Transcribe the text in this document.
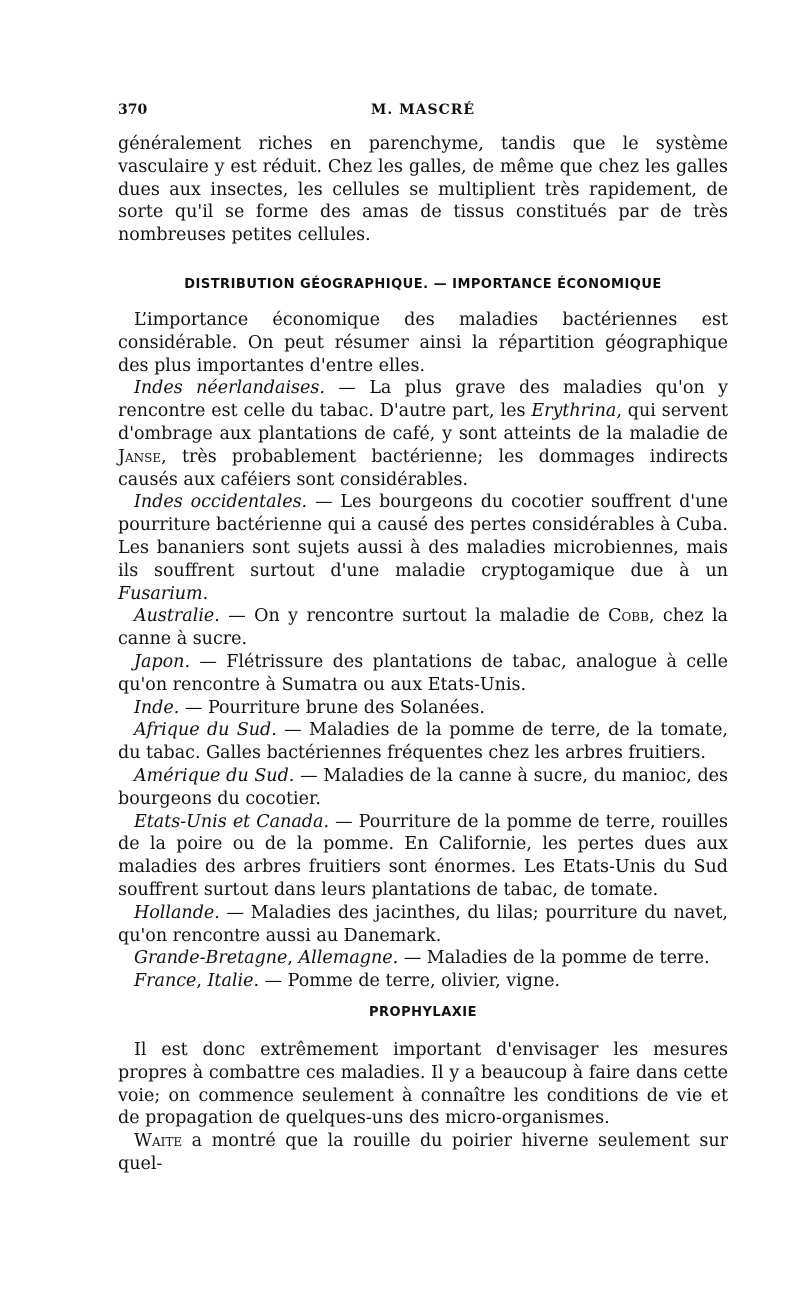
370	M. MASCRÉ

généralement riches en parenchyme, tandis que le système vasculaire y est réduit. Chez les galles, de même que chez les galles dues aux insectes, les cellules se multiplient très rapidement, de sorte qu'il se forme des amas de tissus constitués par de très nombreuses petites cellules.

DISTRIBUTION GÉOGRAPHIQUE. — IMPORTANCE ÉCONOMIQUE

L’importance économique des maladies bactériennes est considérable. On peut résumer ainsi la répartition géographique des plus importantes d'entre elles.

Indes néerlandaises. — La plus grave des maladies qu'on y rencontre est celle du tabac. D'autre part, les Erythrina, qui servent d'ombrage aux plantations de café, y sont atteints de la maladie de Janse, très probablement bactérienne; les dommages indirects causés aux caféiers sont considérables.

Indes occidentales. — Les bourgeons du cocotier souffrent d'une pourriture bactérienne qui a causé des pertes considérables à Cuba. Les bananiers sont sujets aussi à des maladies microbiennes, mais ils souffrent surtout d'une maladie cryptogamique due à un Fusarium.

Australie. — On y rencontre surtout la maladie de Cobb, chez la canne à sucre.

Japon. — Flétrissure des plantations de tabac, analogue à celle qu'on rencontre à Sumatra ou aux Etats-Unis.

Inde. — Pourriture brune des Solanées.

Afrique du Sud. — Maladies de la pomme de terre, de la tomate, du tabac. Galles bactériennes fréquentes chez les arbres fruitiers.

Amérique du Sud. — Maladies de la canne à sucre, du manioc, des bourgeons du cocotier.

Etats-Unis et Canada. — Pourriture de la pomme de terre, rouilles de la poire ou de la pomme. En Californie, les pertes dues aux maladies des arbres fruitiers sont énormes. Les Etats-Unis du Sud souffrent surtout dans leurs plantations de tabac, de tomate.

Hollande. — Maladies des jacinthes, du lilas; pourriture du navet, qu'on rencontre aussi au Danemark.

Grande-Bretagne, Allemagne. — Maladies de la pomme de terre.

France, Italie. — Pomme de terre, olivier, vigne.

PROPHYLAXIE

Il est donc extrêmement important d'envisager les mesures propres à combattre ces maladies. Il y a beaucoup à faire dans cette voie; on commence seulement à connaître les conditions de vie et de propagation de quelques-uns des micro-organismes.

Waite a montré que la rouille du poirier hiverne seulement sur quel-
